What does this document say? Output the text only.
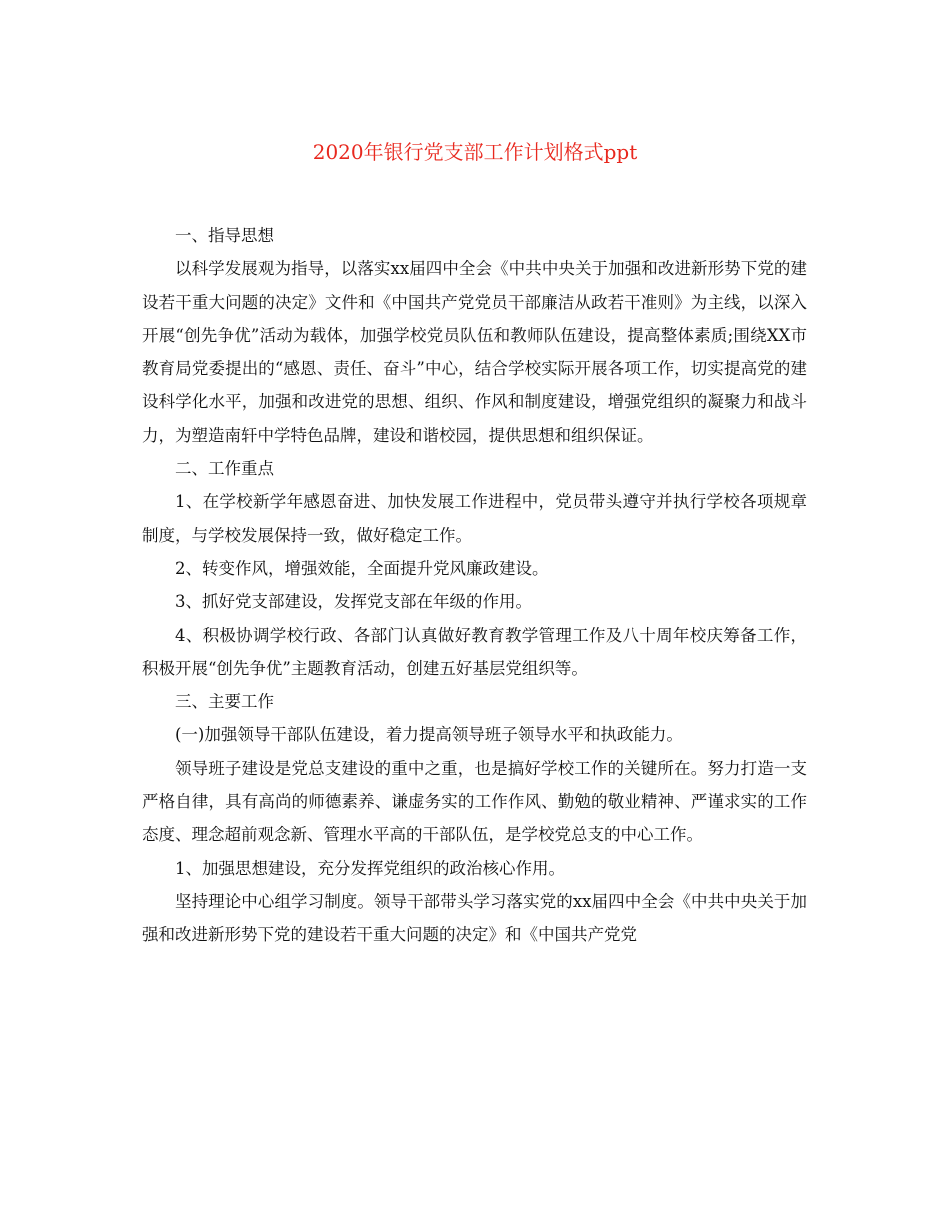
2020年银行党支部工作计划格式ppt

一、指导思想

以科学发展观为指导，以落实xx届四中全会《中共中央关于加强和改进新形势下党的建设若干重大问题的决定》文件和《中国共产党党员干部廉洁从政若干准则》为主线，以深入开展“创先争优”活动为载体，加强学校党员队伍和教师队伍建设，提高整体素质;围绕XX市教育局党委提出的“感恩、责任、奋斗”中心，结合学校实际开展各项工作，切实提高党的建设科学化水平，加强和改进党的思想、组织、作风和制度建设，增强党组织的凝聚力和战斗力，为塑造南轩中学特色品牌，建设和谐校园，提供思想和组织保证。

二、工作重点

1、在学校新学年感恩奋进、加快发展工作进程中，党员带头遵守并执行学校各项规章制度，与学校发展保持一致，做好稳定工作。

2、转变作风，增强效能，全面提升党风廉政建设。

3、抓好党支部建设，发挥党支部在年级的作用。

4、积极协调学校行政、各部门认真做好教育教学管理工作及八十周年校庆筹备工作，积极开展“创先争优”主题教育活动，创建五好基层党组织等。

三、主要工作

(一)加强领导干部队伍建设，着力提高领导班子领导水平和执政能力。

领导班子建设是党总支建设的重中之重，也是搞好学校工作的关键所在。努力打造一支严格自律，具有高尚的师德素养、谦虚务实的工作作风、勤勉的敬业精神、严谨求实的工作态度、理念超前观念新、管理水平高的干部队伍，是学校党总支的中心工作。

1、加强思想建设，充分发挥党组织的政治核心作用。

坚持理论中心组学习制度。领导干部带头学习落实党的xx届四中全会《中共中央关于加强和改进新形势下党的建设若干重大问题的决定》和《中国共产党党
